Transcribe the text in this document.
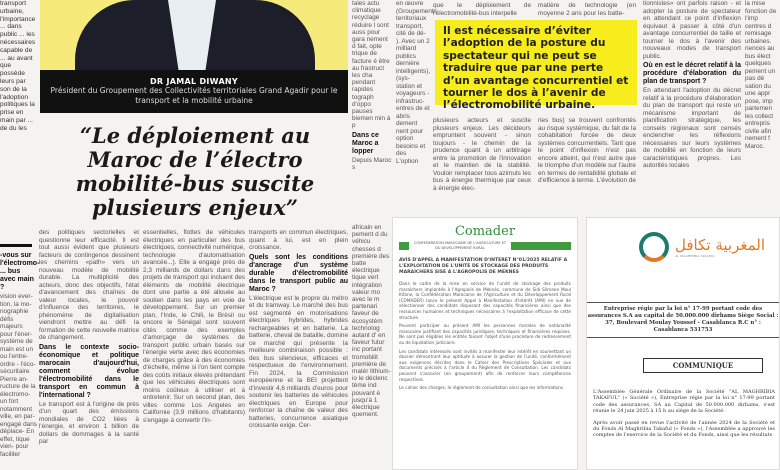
transport urbaine, l'importance ... dans public ... les nécessaires capable de ... au avant que possède leurs par son de la l'adoption politiques la prise en main par ... de du les
-vous sur l'électromo- ... bus avec main ?
vision ever- tion, la mo- nographie défis majeurs pour l'éner- système de main est un ou l'entre- ordre - l'éco- sécuritaire Pierre an- ructure de la électromo- un fort notamment ville, en par- engagé dans déplace- En effet, tique vien- pour faciliter
DR JAMAL DIWANY
Président du Groupement des Collectivités territoriales Grand Agadir pour le transport et la mobilité urbaine
“Le déploiement au Maroc de l’électro mobilité-bus suscite plusieurs enjeux”
des politiques sectorielles et questionne leur efficacité. Il est tout aussi évident que plusieurs facteurs de contingence dessinent les chemins «path» vers un nouveau modèle de mobilité durable. La multiplicité des acteurs, donc des objectifs, l'état d'avancement des chaînes de valeur locales, le pouvoir d'influence des territoires, le phénomène de digitalisation viendront mettre au défi la formation de cette nouvelle matrice de changement.
Dans le contexte socio-économique et politique marocain d'aujourd'hui, comment évolue l'électromobilité dans le transport en commun à l'international ?
Le transport est à l'origine de près d'un quart des émissions mondiales de CO2 liées à l'énergie, et environ 1 billion de dollars de dommages à la santé par
essentielles, flottes de véhicules électriques en particulier des bus électriques, connectivité numérique, technologie d'automatisation avancée...). Elle a engagé près de 2,3 milliards de dollars dans des projets de transport qui incluent des éléments de mobilité électrique dont une partie a été allouée au soutien dans les pays en voie de développement. Sur un premier plan, l'Inde, le Chili, le Brésil ou encore le Sénégal sont souvent cités comme des exemples d'amorçage de systèmes de transport public urbain basés sur l'énergie verte avec des économies de charges grâce à des économies d'échelle, même si l'on tient compte des coûts initiaux élevés prétendant que les véhicules électriques sont moins coûteux à utiliser et à entretenir. Sur un second plan, des villes comme Los Angeles en Californie (3,9 millions d'habitants) s'engage à convertir l'in-
transports en commun électriques, quant à lui, est en plein croissance.
Quels sont les conditions d'ancrage d'un système durable d'électromobilité dans le transport public au Maroc ?
L'électrique est le propre du métro et du tramway. Le marché des bus est segmenté en motorisations électriques hybrides, hybrides rechargeables et en batterie. La batterie, cheval de bataille, domine ce marché qui présente la meilleure combinaison possible : des bus silencieux, efficaces et respectueux de l'environnement. Fin 2024, la Commission européenne et la BEI projettent d'investir 4,6 milliards d'euros pour soutenir les batteries de véhicules électriques en Europe pour renforcer la chaîne de valeur des batteries, concurrence asiatique croissante exige. Cer-
africain en pement d du véhicu chesses d première des batte électrique tique vert intégration valeur mo avec le m partenari faveur de écosystèm technolog autant d' en faveur futur inc portant tromobilit première de matér lithium-io le déclenc tème ind pouvant é jusqu'à 1 électrique quement.
tales actu climatique recyclage réduire l sont auss pour gara nement d fait, opte trique de facture é être au frastruct les cha pendant rapides tograph d'oppo pauses biemen min à p
Dans ce Maroc a lopper
Depuis Maroc s
en œuvre (Groupements territoriaux transport, cité de dé- ). Avec un 2 milliard publics dernière intelligents), (sys- station et voyageurs - infrastruc- entres de et abris dement nent pour option besoins et des L'option
que le déploiement de l'électromobilité-bus interpelle
matière de technologie (en moyenne 2 ans pour les batte-
Il est nécessaire d’éviter l’adoption de la posture du spectateur qui ne peut se traduire que par une perte d’un avantage concurrentiel et tourner le dos à l’avenir de l’électromobilité urbaine.
plusieurs acteurs et suscite plusieurs enjeux. Les décideurs empruntent souvent - sinon toujours - le chemin de la prudence quant à un arbitrage entre la promotion de l'innovation et le maintien de la stabilité. Vouloir remplacer tous azimuts les bus à énergie thermique par ceux à énergie élec-
ries bus) se trouvent confrontés au risque systémique, du fait de la cohabitation forcée de deux systèmes concurrentiels. Tant que le point d'inflexion n'est pas encore atteint, qui n'est autre que le triomphe d'un modèle sur l'autre en termes de rentabilité globale et d'efficience à terme. L'évolution de
tionnistes» ont parfois raison - et adopter la posture de spectateur en attendant ce point d'inflexion équivaut à passer à côté d'un avantage concurrentiel de taille et tourner le dos à l'avenir des nouveaux modes de transport public.
Où en est le décret relatif à la procédure d'élaboration du plan de transport ?
En attendant l'adoption du décret relatif à la procédure d'élaboration du plan de transport qui reste un mécanisme important de planification stratégique, les conseils régionaux sont censés enclencher les réflexions nécessaires sur leurs systèmes de mobilité en fonction de leurs caractéristiques propres. Les autorités locales
la mise fonction de l'imp centres d remisage urbaines. riences au bus élect quelques pement un pas dé sation du une appr pose, imp partemen les collect entrepris civile afin nement f Maroc.
Comader
CONFEDERATION MAROCAINE DE L'AGRICULTURE ET DU DEVELOPPEMENT RURAL
AVIS D'APPEL A MANIFESTATION D'INTERET N°01/2025 RELATIF A L'EXPLOITATION DE L'UNITE DE STOCKAGE DES PRODUITS MARAICHERS SISE A L'AGROPOLIS DE MEKNES
Dans le cadre de la mise en service de l'unité de stockage des produits maraîchers implantée à l'Agropolis de Meknès, commune de Sidi Slimane Moul Kifane, la Confédération Marocaine de l'Agriculture et du Développement Rural (COMADER) lance le présent Appel à Manifestation d'Intérêt (AMI) en vue de sélectionner des candidats disposant des capacités financières ainsi que des ressources humaines et techniques nécessaires à l'exploitation efficace de cette structure.
Peuvent participer au présent AMI les personnes morales de nationalité marocaine justifiant des capacités juridiques, techniques et financières requises. Ne sont pas éligibles les entités faisant l'objet d'une procédure de redressement ou de liquidation judiciaire.
Les candidats intéressés sont invités à manifester leur intérêt en soumettant un dossier démontrant leur aptitude à assurer la gestion de l'unité, conformément aux exigences décrites dans le Cahier des Prescriptions Spéciales et aux documents précisés à l'article 4 du Règlement de Consultation. Les candidats peuvent s'associer (en groupement) afin de renforcer leurs compétences respectives.
Le cahier des charges, le règlement de consultation ainsi que les informations
المغربية تكافل
AL MAGHRIBIA TAKAFUL
Entreprise régie par la loi n° 17-99 portant code des assurances S.A au capital de 50.000.000 dirhams Siège Social : 37, Boulevard Moulay Youssef - Casablanca R.C n° : Casablanca 531753
COMMUNIQUE
L'Assemblée Générale Ordinaire de la Société "AL MAGHRIBIA TAKAFUL" (« Société »), Entreprise régie par la loi n° 17-99 portant code des assurances, SA au Capital de 50.000.000 dirhams, s'est réunie le 24 juin 2025 à 15 h au siège de la Société.
Après avoir passé en revue l'activité de l'année 2024 de la Société et du Fonds Al Maghribia Takaful (« Fonds »), l'Assemblée a approuvé les comptes de l'exercice de la Société et du Fonds, ainsi que les résultats
